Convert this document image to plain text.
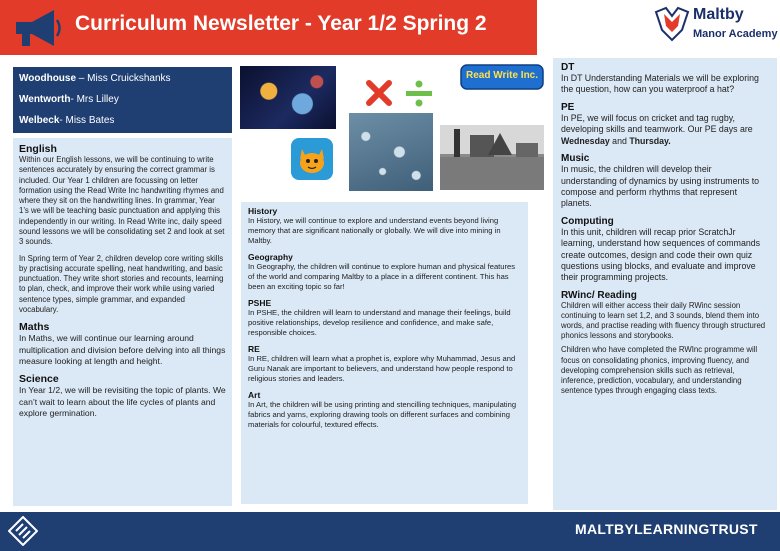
Curriculum Newsletter - Year 1/2 Spring 2	Maltby
Manor Academy
Woodhouse – Miss Cruickshanks
Wentworth- Mrs Lilley
Welbeck- Miss Bates
English

Within our English lessons, we will be continuing to write sentences accurately by ensuring the correct grammar is included. Our Year 1 children are focussing on letter formation using the Read Write Inc handwriting rhymes and where they sit on the handwriting lines. In grammar, Year 1’s we will be teaching basic punctuation and applying this independently in our writing. In Read Write inc, daily speed sound lessons we will be consolidating set 2 and look at set 3 sounds.

In Spring term of Year 2, children develop core writing skills by practising accurate spelling, neat handwriting, and basic punctuation. They write short stories and recounts, learning to plan, check, and improve their work while using varied sentence types, simple grammar, and expanded vocabulary.

Maths

In Maths, we will continue our learning around multiplication and division before delving into all things measure looking at length and height.

Science

In Year 1/2, we will be revisiting the topic of plants. We can’t wait to learn about the life cycles of plants and explore germination.

Read Write Inc.
History

In History, we will continue to explore and understand events beyond living memory that are significant nationally or globally. We will dive into mining in Maltby.

Geography

In Geography, the children will continue to explore human and physical features of the world and comparing Maltby to a place in a different continent. This has been an exciting topic so far!

PSHE

In PSHE, the children will learn to understand and manage their feelings, build positive relationships, develop resilience and confidence, and make safe, responsible choices.

RE

In RE, children will learn what a prophet is, explore why Muhammad, Jesus and Guru Nanak are important to believers, and understand how people respond to religious stories and leaders.

Art

In Art, the children will be using printing and stencilling techniques, manipulating fabrics and yarns, exploring drawing tools on different surfaces and combining materials for colourful, textured effects.

DT

In DT Understanding Materials we will be exploring the question, how can you waterproof a hat?

PE

In PE, we will focus on cricket and tag rugby, developing skills and teamwork. Our PE days are Wednesday and Thursday.

Music

In music, the children will develop their understanding of dynamics by using instruments to compose and perform rhythms that represent planets.

Computing

In this unit, children will recap prior ScratchJr learning, understand how sequences of commands create outcomes, design and code their own quiz questions using blocks, and evaluate and improve their programming projects.

RWinc/ Reading

Children will either access their daily RWinc session continuing to learn set 1,2, and 3 sounds, blend them into words, and practise reading with fluency through structured phonics lessons and storybooks.

Children who have completed the RWInc programme will focus on consolidating phonics, improving fluency, and developing comprehension skills such as retrieval, inference, prediction, vocabulary, and understanding sentence types through engaging class texts.

MALTBYLEARNINGTRUST
